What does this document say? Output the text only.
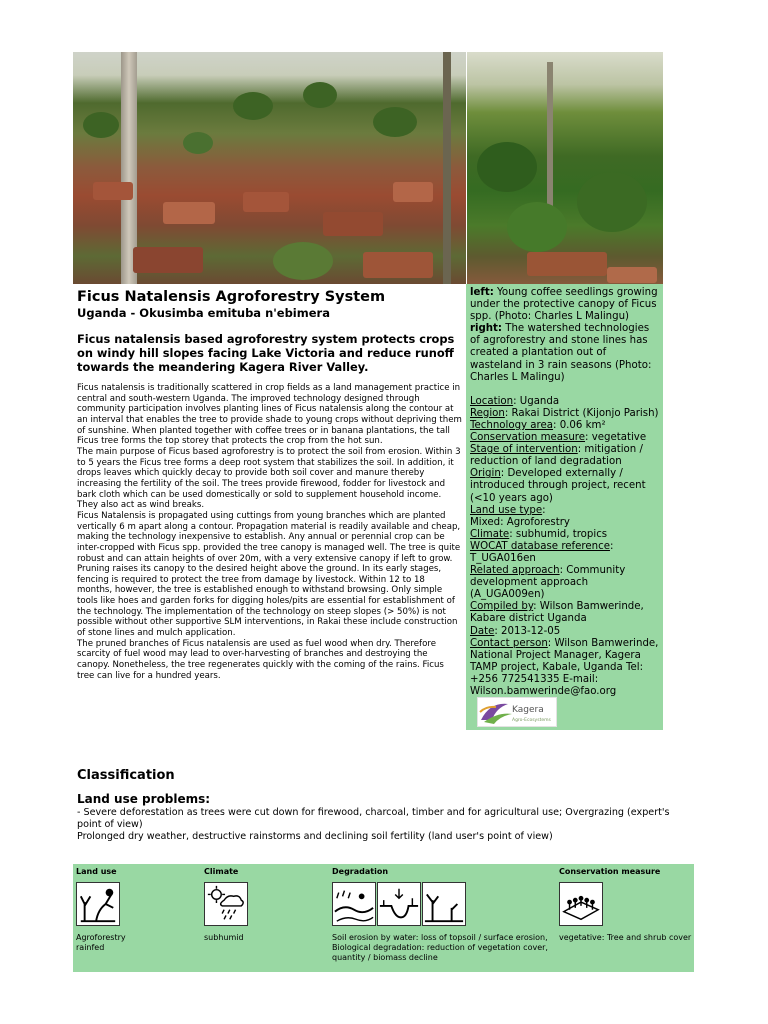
left: Young coffee seedlings growing under the protective canopy of Ficus spp. (Photo: Charles L Malingu)
right: The watershed technologies of agroforestry and stone lines has created a plantation out of wasteland in 3 rain seasons (Photo: Charles L Malingu)
Location: Uganda
Region: Rakai District (Kijonjo Parish)
Technology area: 0.06 km²
Conservation measure: vegetative
Stage of intervention: mitigation / reduction of land degradation
Origin: Developed externally / introduced through project, recent (<10 years ago)
Land use type:
Mixed: Agroforestry
Climate: subhumid, tropics
WOCAT database reference:
T_UGA016en
Related approach: Community development approach (A_UGA009en)
Compiled by: Wilson Bamwerinde, Kabare district Uganda
Date: 2013-12-05
Contact person: Wilson Bamwerinde, National Project Manager, Kagera TAMP project, Kabale, Uganda Tel: +256 772541335 E-mail: Wilson.bamwerinde@fao.org
Kagera
Agro-Ecosystems
Ficus Natalensis Agroforestry System
Uganda - Okusimba emituba n'ebimera
Ficus natalensis based agroforestry system protects crops on windy hill slopes facing Lake Victoria and reduce runoff towards the meandering Kagera River Valley.

Ficus natalensis is traditionally scattered in crop fields as a land management practice in central and south-western Uganda. The improved technology designed through community participation involves planting lines of Ficus natalensis along the contour at an interval that enables the tree to provide shade to young crops without depriving them of sunshine. When planted together with coffee trees or in banana plantations, the tall Ficus tree forms the top storey that protects the crop from the hot sun.

The main purpose of Ficus based agroforestry is to protect the soil from erosion. Within 3 to 5 years the Ficus tree forms a deep root system that stabilizes the soil. In addition, it drops leaves which quickly decay to provide both soil cover and manure thereby increasing the fertility of the soil. The trees provide firewood, fodder for livestock and bark cloth which can be used domestically or sold to supplement household income. They also act as wind breaks.

Ficus Natalensis is propagated using cuttings from young branches which are planted vertically 6 m apart along a contour. Propagation material is readily available and cheap, making the technology inexpensive to establish. Any annual or perennial crop can be inter-cropped with Ficus spp. provided the tree canopy is managed well. The tree is quite robust and can attain heights of over 20m, with a very extensive canopy if left to grow. Pruning raises its canopy to the desired height above the ground. In its early stages, fencing is required to protect the tree from damage by livestock. Within 12 to 18 months, however, the tree is established enough to withstand browsing. Only simple tools like hoes and garden forks for digging holes/pits are essential for establishment of the technology. The implementation of the technology on steep slopes (> 50%) is not possible without other supportive SLM interventions, in Rakai these include construction of stone lines and mulch application.

The pruned branches of Ficus natalensis are used as fuel wood when dry. Therefore scarcity of fuel wood may lead to over-harvesting of branches and destroying the canopy. Nonetheless, the tree regenerates quickly with the coming of the rains. Ficus tree can live for a hundred years.

Classification
Land use problems:
- Severe deforestation as trees were cut down for firewood, charcoal, timber and for agricultural use; Overgrazing (expert's point of view)
Prolonged dry weather, destructive rainstorms and declining soil fertility (land user's point of view)
Land use
Agroforestry
rainfed
Climate
subhumid
Degradation
Soil erosion by water: loss of topsoil / surface erosion, Biological degradation: reduction of vegetation cover, quantity / biomass decline
Conservation measure
vegetative: Tree and shrub cover
